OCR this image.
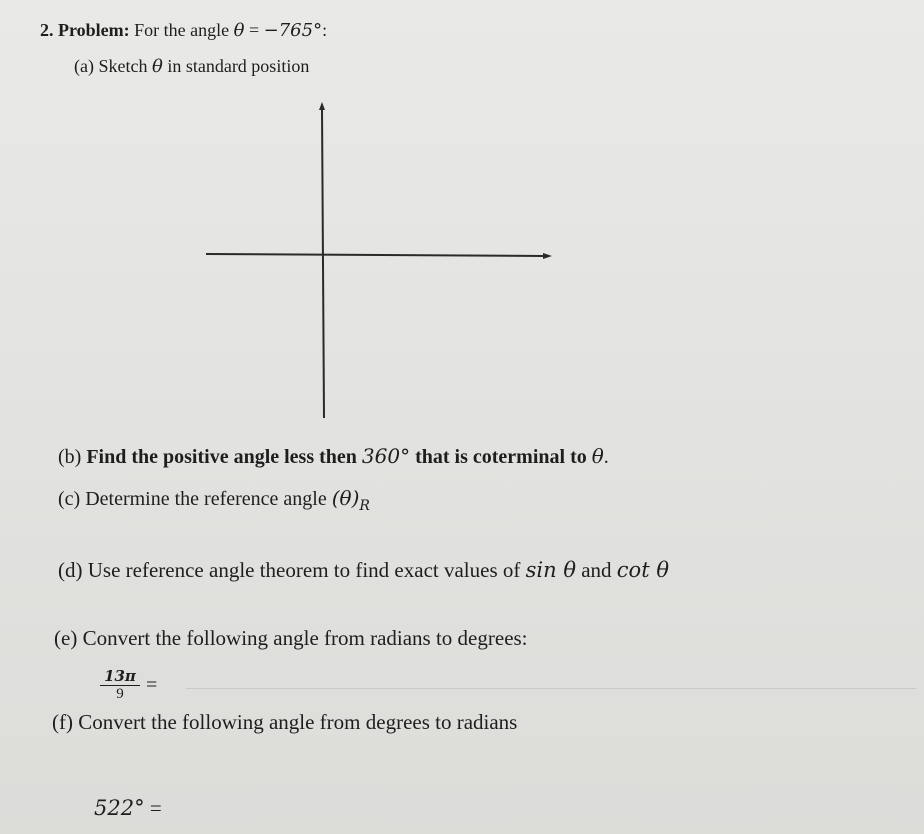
2. Problem: For the angle θ = −765°:
(a) Sketch θ in standard position
(b) Find the positive angle less then 360° that is coterminal to θ.
(c) Determine the reference angle $(\theta)_R$
(d) Use reference angle theorem to find exact values of sin θ and cot θ
(e) Convert the following angle from radians to degrees:
$\frac{13\pi}{9}$ =
(f) Convert the following angle from degrees to radians
522° =
